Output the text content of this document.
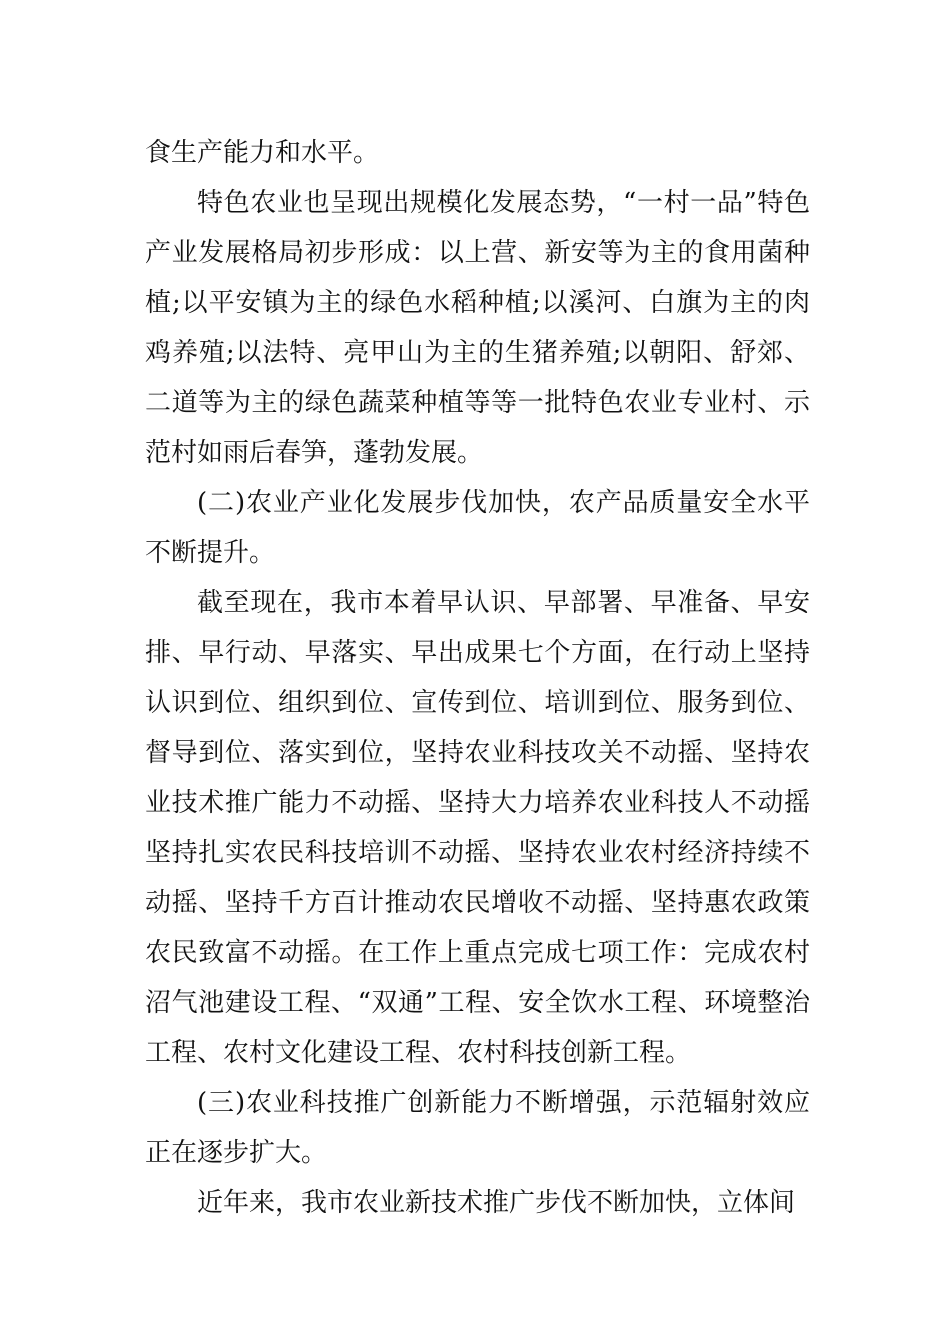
食生产能力和水平。

特色农业也呈现出规模化发展态势，“一村一品”特色产业发展格局初步形成：以上营、新安等为主的食用菌种植;以平安镇为主的绿色水稻种植;以溪河、白旗为主的肉鸡养殖;以法特、亮甲山为主的生猪养殖;以朝阳、舒郊、二道等为主的绿色蔬菜种植等等一批特色农业专业村、示范村如雨后春笋，蓬勃发展。

(二)农业产业化发展步伐加快，农产品质量安全水平不断提升。

截至现在，我市本着早认识、早部署、早准备、早安排、早行动、早落实、早出成果七个方面，在行动上坚持认识到位、组织到位、宣传到位、培训到位、服务到位、督导到位、落实到位，坚持农业科技攻关不动摇、坚持农业技术推广能力不动摇、坚持大力培养农业科技人不动摇坚持扎实农民科技培训不动摇、坚持农业农村经济持续不动摇、坚持千方百计推动农民增收不动摇、坚持惠农政策农民致富不动摇。在工作上重点完成七项工作：完成农村沼气池建设工程、“双通”工程、安全饮水工程、环境整治工程、农村文化建设工程、农村科技创新工程。

(三)农业科技推广创新能力不断增强，示范辐射效应正在逐步扩大。

近年来，我市农业新技术推广步伐不断加快，立体间
